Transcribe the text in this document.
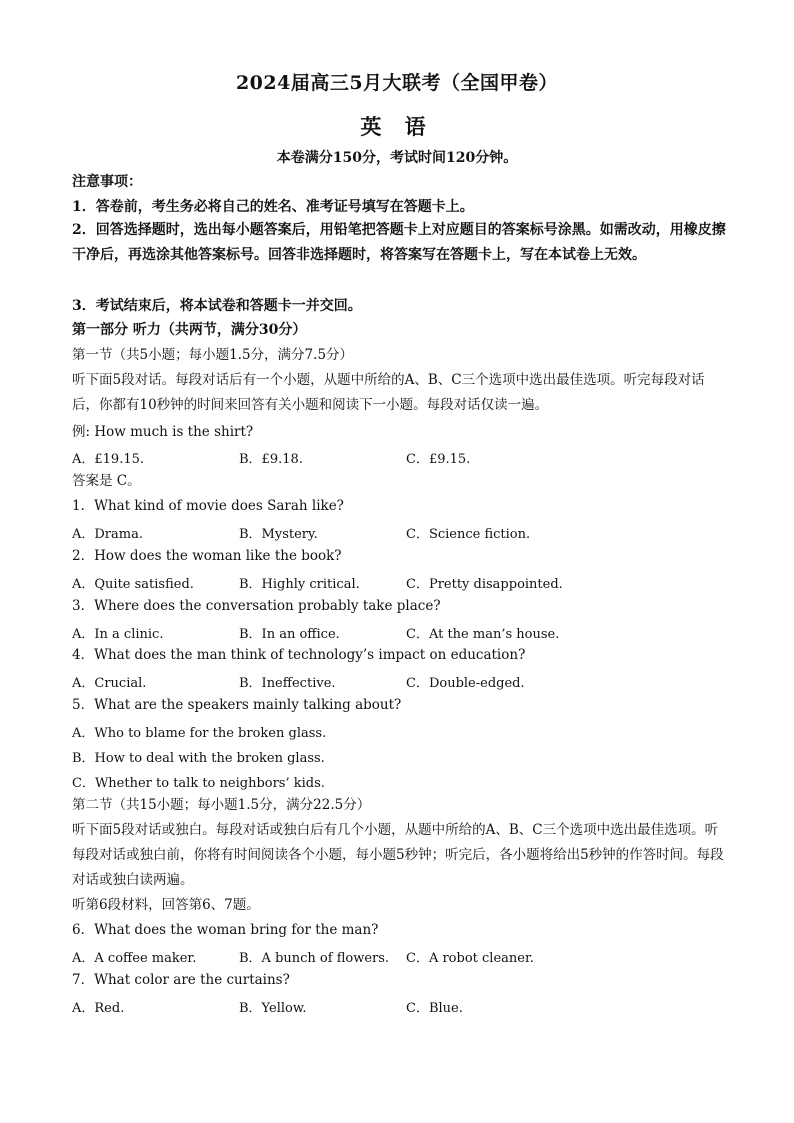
2024届高三5月大联考（全国甲卷）
英 语
本卷满分150分，考试时间120分钟。
注意事项：
1．答卷前，考生务必将自己的姓名、准考证号填写在答题卡上。
2．回答选择题时，选出每小题答案后，用铅笔把答题卡上对应题目的答案标号涂黑。如需改动，用橡皮擦干净后，再选涂其他答案标号。回答非选择题时，将答案写在答题卡上，写在本试卷上无效。
3．考试结束后，将本试卷和答题卡一并交回。
第一部分 听力（共两节，满分30分）
第一节（共5小题；每小题1.5分，满分7.5分）
听下面5段对话。每段对话后有一个小题，从题中所给的A、B、C三个选项中选出最佳选项。听完每段对话后，你都有10秒钟的时间来回答有关小题和阅读下一小题。每段对话仅读一遍。
例: How much is the shirt?
A．£19.15.	B．£9.18.	C．£9.15.
答案是 C。
1．What kind of movie does Sarah like?
A．Drama.	B．Mystery.	C．Science fiction.
2．How does the woman like the book?
A．Quite satisfied.	B．Highly critical.	C．Pretty disappointed.
3．Where does the conversation probably take place?
A．In a clinic.	B．In an office.	C．At the man’s house.
4．What does the man think of technology’s impact on education?
A．Crucial.	B．Ineffective.	C．Double-edged.
5．What are the speakers mainly talking about?
A．Who to blame for the broken glass.
B．How to deal with the broken glass.
C．Whether to talk to neighbors’ kids.
第二节（共15小题；每小题1.5分，满分22.5分）
听下面5段对话或独白。每段对话或独白后有几个小题，从题中所给的A、B、C三个选项中选出最佳选项。听每段对话或独白前，你将有时间阅读各个小题，每小题5秒钟；听完后，各小题将给出5秒钟的作答时间。每段对话或独白读两遍。
听第6段材料，回答第6、7题。
6．What does the woman bring for the man?
A．A coffee maker.	B．A bunch of flowers. C．A robot cleaner.
7．What color are the curtains?
A．Red.	B．Yellow.	C．Blue.
